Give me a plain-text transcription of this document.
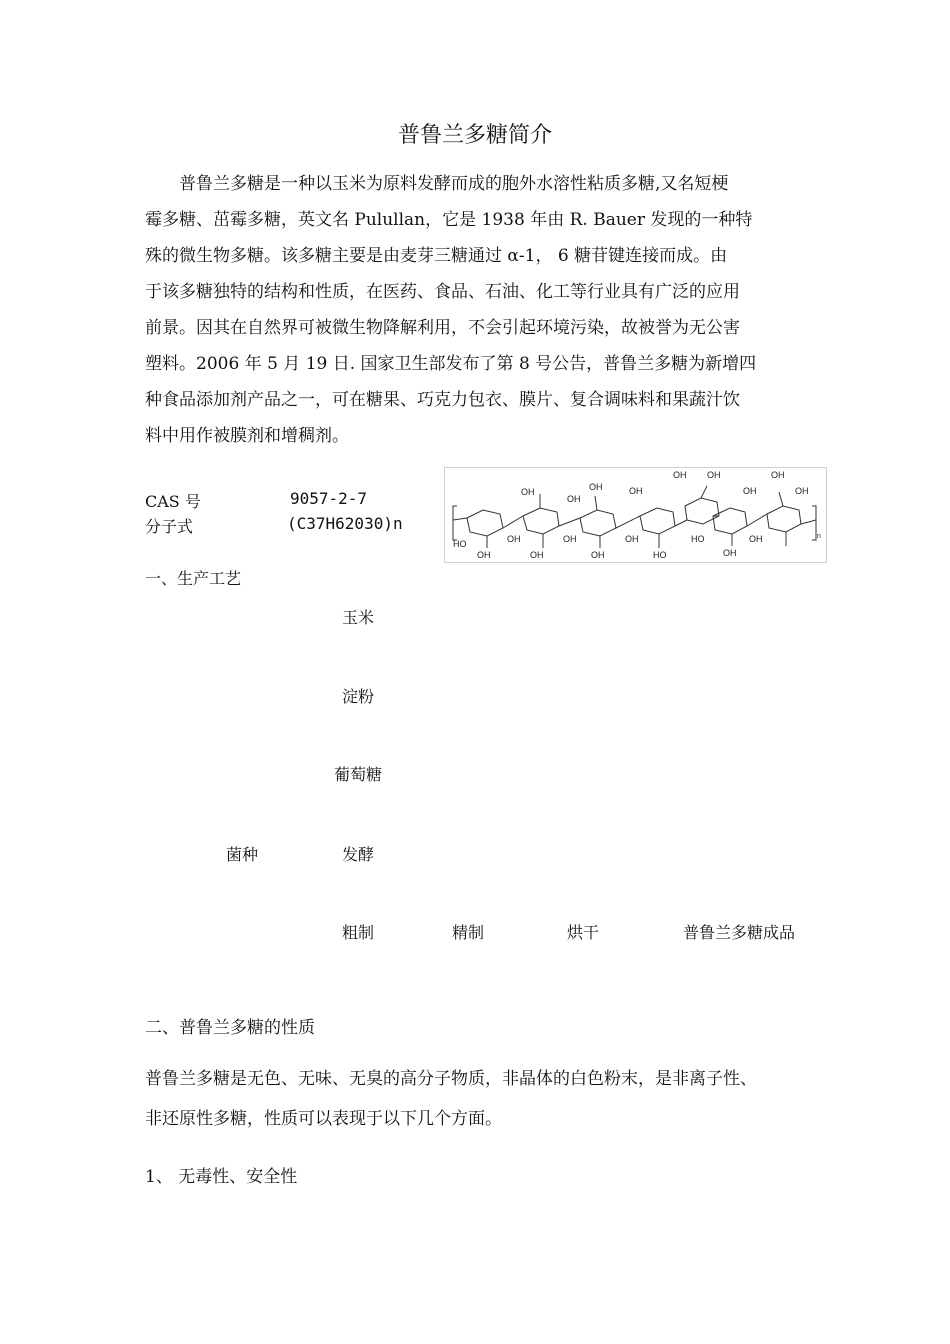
普鲁兰多糖简介
普鲁兰多糖是一种以玉米为原料发酵而成的胞外水溶性粘质多糖,又名短梗
霉多糖、茁霉多糖，英文名 Pulullan，它是 1938 年由 R. Bauer 发现的一种特
殊的微生物多糖。该多糖主要是由麦芽三糖通过 α-1， 6 糖苷键连接而成。由
于该多糖独特的结构和性质，在医药、食品、石油、化工等行业具有广泛的应用
前景。因其在自然界可被微生物降解利用，不会引起环境污染，故被誉为无公害
塑料。2006 年 5 月 19 日. 国家卫生部发布了第 8 号公告，普鲁兰多糖为新增四
种食品添加剂产品之一，可在糖果、巧克力包衣、膜片、复合调味料和果蔬汁饮
料中用作被膜剂和增稠剂。
CAS 号	9057-2-7
分子式	(C37H62030)n
OH
OH
HO
OH
OH
OH
OH
OH
OH
OH
OH OH
OH
HO
HO
OH
OH
OH	OH
OH	n
一、生产工艺
玉米
淀粉
葡萄糖
菌种	发酵
粗制	精制	烘干	普鲁兰多糖成品
二、普鲁兰多糖的性质
普鲁兰多糖是无色、无味、无臭的高分子物质，非晶体的白色粉末，是非离子性、
非还原性多糖，性质可以表现于以下几个方面。
1、 无毒性、安全性
